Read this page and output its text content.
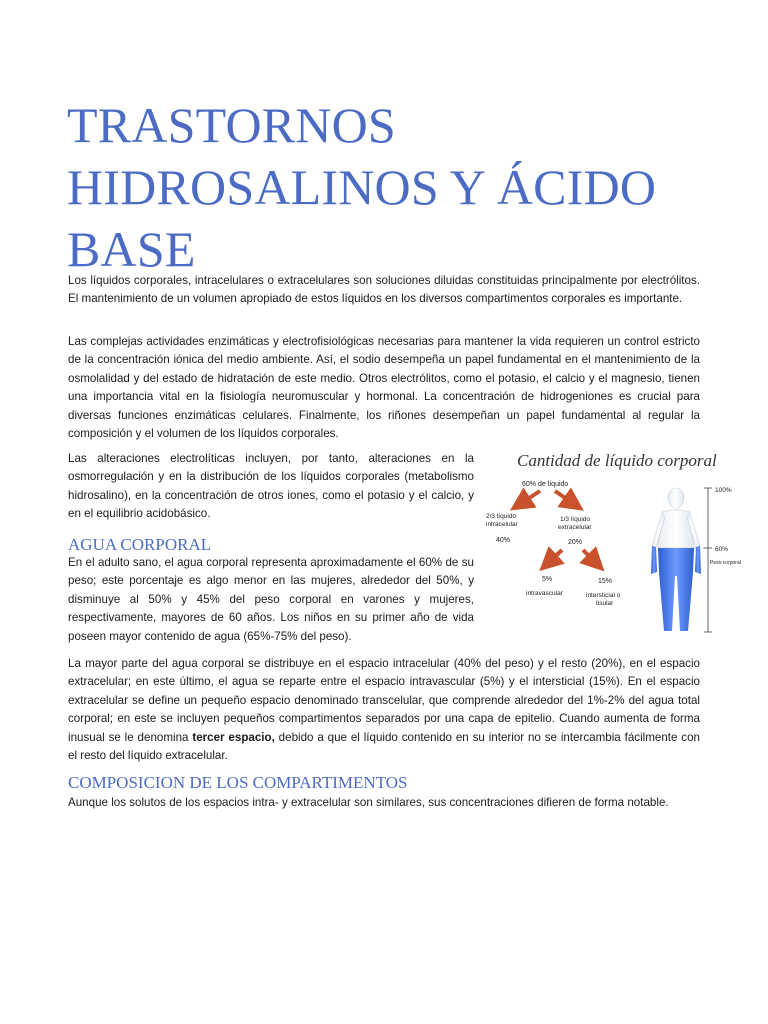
TRASTORNOS HIDROSALINOS Y ÁCIDO BASE

Los líquidos corporales, intracelulares o extracelulares son soluciones diluidas constituidas principalmente por electrólitos. El mantenimiento de un volumen apropiado de estos líquidos en los diversos compartimentos corporales es importante.

Las complejas actividades enzimáticas y electrofisiológicas necesarias para mantener la vida requieren un control estricto de la concentración iónica del medio ambiente. Así, el sodio desempeña un papel fundamental en el mantenimiento de la osmolalidad y del estado de hidratación de este medio. Otros electrólitos, como el potasio, el calcio y el magnesio, tienen una importancia vital en la fisiología neuromuscular y hormonal. La concentración de hidrogeniones es crucial para diversas funciones enzimáticas celulares. Finalmente, los riñones desempeñan un papel fundamental al regular la composición y el volumen de los líquidos corporales.

Las alteraciones electrolíticas incluyen, por tanto, alteraciones en la osmorregulación y en la distribución de los líquidos corporales (metabolismo hidrosalino), en la concentración de otros iones, como el potasio y el calcio, y en el equilibrio acidobásico.

AGUA CORPORAL

En el adulto sano, el agua corporal representa aproximadamente el 60% de su peso; este porcentaje es algo menor en las mujeres, alrededor del 50%, y disminuye al 50% y 45% del peso corporal en varones y mujeres, respectivamente, mayores de 60 años. Los niños en su primer año de vida poseen mayor contenido de agua (65%-75% del peso).

La mayor parte del agua corporal se distribuye en el espacio intracelular (40% del peso) y el resto (20%), en el espacio extracelular; en este último, el agua se reparte entre el espacio intravascular (5%) y el intersticial (15%). En el espacio extracelular se define un pequeño espacio denominado transcelular, que comprende alrededor del 1%-2% del agua total corporal; en este se incluyen pequeños compartimentos separados por una capa de epitelio. Cuando aumenta de forma inusual se le denomina tercer espacio, debido a que el líquido contenido en su interior no se intercambia fácilmente con el resto del líquido extracelular.

COMPOSICION DE LOS COMPARTIMENTOS

Aunque los solutos de los espacios intra- y extracelular son similares, sus concentraciones difieren de forma notable.

Cantidad de líquido corporal
60% de líquido
2/3 líquido
intracelular
40%
1/3 líquido
extracelular
20%
5%
intravascular
15%
intersticial o
tisular
100%
60%
Peso corporal
